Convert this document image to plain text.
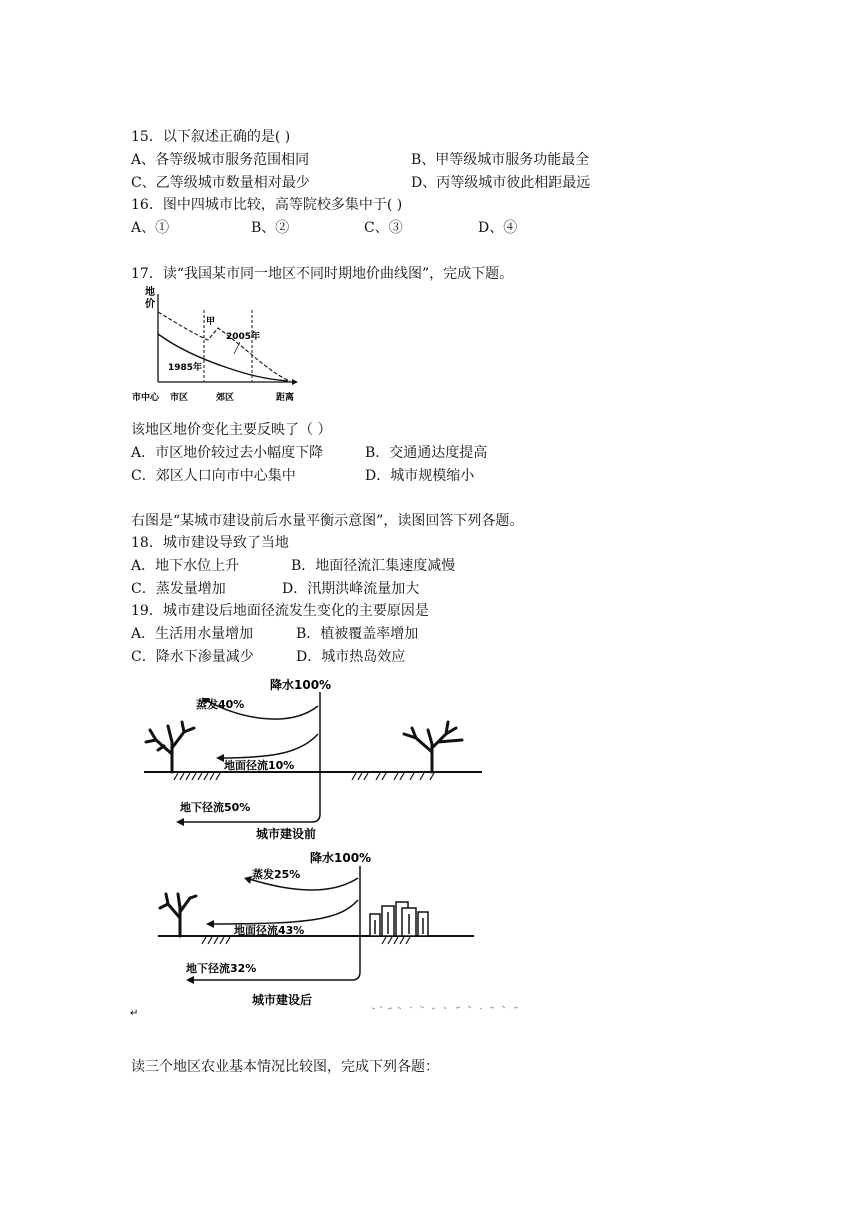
15．以下叙述正确的是( )
A、各等级城市服务范围相同	B、甲等级城市服务功能最全
C、乙等级城市数量相对最少	D、丙等级城市彼此相距最远
16．图中四城市比较，高等院校多集中于( )
A、①	B、②	C、③	D、④
17．读“我国某市同一地区不同时期地价曲线图”，完成下题。
地
价
甲
2005年
1985年
市中心 市区	郊区	距离
该地区地价变化主要反映了（ ）
A．市区地价较过去小幅度下降	B．交通通达度提高
C．郊区人口向市中心集中	D．城市规模缩小
右图是“某城市建设前后水量平衡示意图”，读图回答下列各题。
18．城市建设导致了当地
A．地下水位上升	B．地面径流汇集速度减慢
C．蒸发量增加	D．汛期洪峰流量加大
19．城市建设后地面径流发生变化的主要原因是
A．生活用水量增加	B．植被覆盖率增加
C．降水下渗量减少	D．城市热岛效应
降水100%
蒸发40%
地面径流10%
地下径流50%
城市建设前
降水100%
蒸发25%
地面径流43%
地下径流32%
城市建设后
↵
读三个地区农业基本情况比较图，完成下列各题：
